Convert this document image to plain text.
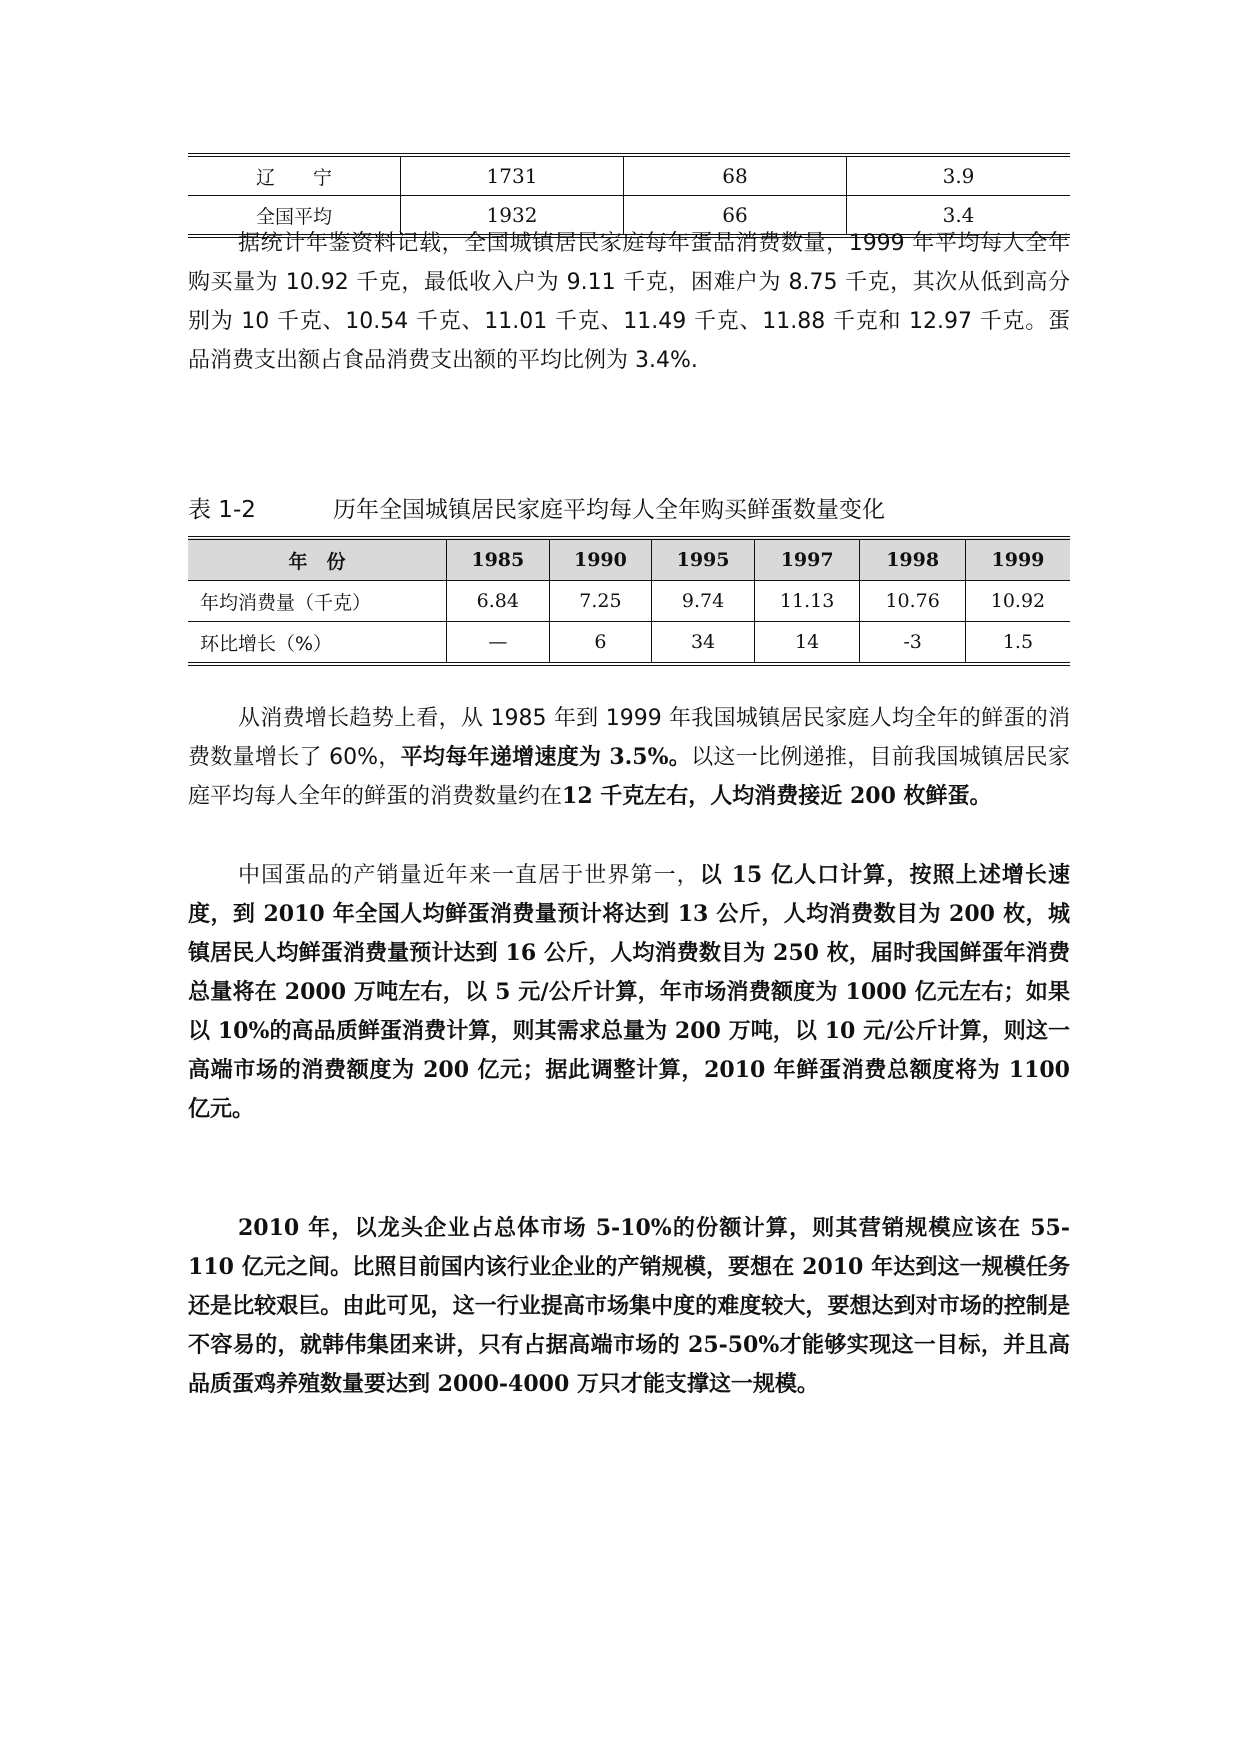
辽　　宁	1731	68	3.9
全国平均	1932	66	3.4

据统计年鉴资料记载，全国城镇居民家庭每年蛋品消费数量，1999 年平均每人全年购买量为 10.92 千克，最低收入户为 9.11 千克，困难户为 8.75 千克，其次从低到高分别为 10 千克、10.54 千克、11.01 千克、11.49 千克、11.88 千克和 12.97 千克。蛋品消费支出额占食品消费支出额的平均比例为 3.4%.

表 1-2	历年全国城镇居民家庭平均每人全年购买鲜蛋数量变化
年　份	1985	1990	1995	1997	1998	1999
年均消费量（千克）	6.84	7.25	9.74	11.13	10.76	10.92
环比增长（%）	—	6	34	14	-3	1.5

从消费增长趋势上看，从 1985 年到 1999 年我国城镇居民家庭人均全年的鲜蛋的消费数量增长了 60%，平均每年递增速度为 3.5%。以这一比例递推，目前我国城镇居民家庭平均每人全年的鲜蛋的消费数量约在12 千克左右，人均消费接近 200 枚鲜蛋。

中国蛋品的产销量近年来一直居于世界第一，以 15 亿人口计算，按照上述增长速度，到 2010 年全国人均鲜蛋消费量预计将达到 13 公斤，人均消费数目为 200 枚，城镇居民人均鲜蛋消费量预计达到 16 公斤，人均消费数目为 250 枚，届时我国鲜蛋年消费总量将在 2000 万吨左右，以 5 元/公斤计算，年市场消费额度为 1000 亿元左右；如果以 10%的高品质鲜蛋消费计算，则其需求总量为 200 万吨，以 10 元/公斤计算，则这一高端市场的消费额度为 200 亿元；据此调整计算，2010 年鲜蛋消费总额度将为 1100 亿元。

2010 年，以龙头企业占总体市场 5-10%的份额计算，则其营销规模应该在 55-110 亿元之间。比照目前国内该行业企业的产销规模，要想在 2010 年达到这一规模任务还是比较艰巨。由此可见，这一行业提高市场集中度的难度较大，要想达到对市场的控制是不容易的，就韩伟集团来讲，只有占据高端市场的 25-50%才能够实现这一目标，并且高品质蛋鸡养殖数量要达到 2000-4000 万只才能支撑这一规模。
